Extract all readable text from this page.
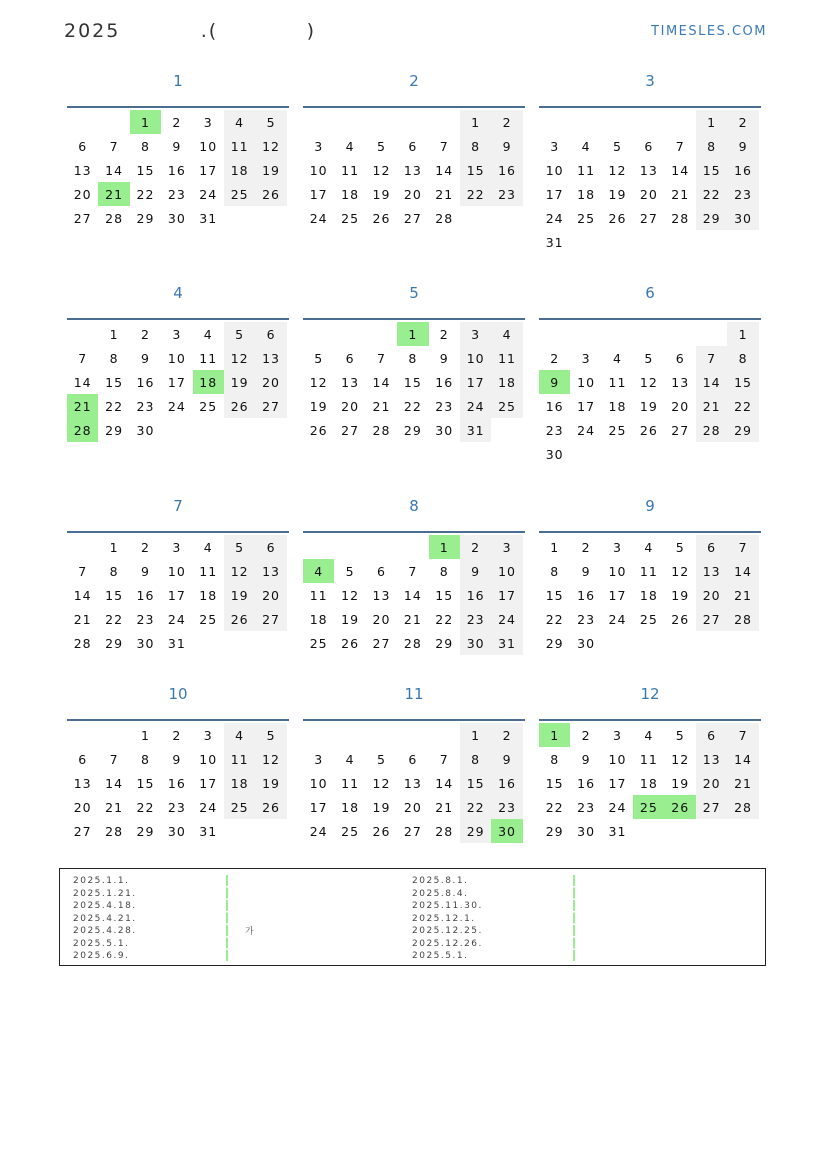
2025          .(           )	TIMESLES.COM
1
		1	2	3	4	5
6	7	8	9	10	11	12
13	14	15	16	17	18	19
20	21	22	23	24	25	26
27	28	29	30	31		
2
					1	2
3	4	5	6	7	8	9
10	11	12	13	14	15	16
17	18	19	20	21	22	23
24	25	26	27	28		
3
					1	2
3	4	5	6	7	8	9
10	11	12	13	14	15	16
17	18	19	20	21	22	23
24	25	26	27	28	29	30
31						
4
	1	2	3	4	5	6
7	8	9	10	11	12	13
14	15	16	17	18	19	20
21	22	23	24	25	26	27
28	29	30				
5
			1	2	3	4
5	6	7	8	9	10	11
12	13	14	15	16	17	18
19	20	21	22	23	24	25
26	27	28	29	30	31	
6
						1
2	3	4	5	6	7	8
9	10	11	12	13	14	15
16	17	18	19	20	21	22
23	24	25	26	27	28	29
30						
7
	1	2	3	4	5	6
7	8	9	10	11	12	13
14	15	16	17	18	19	20
21	22	23	24	25	26	27
28	29	30	31			
8
				1	2	3
4	5	6	7	8	9	10
11	12	13	14	15	16	17
18	19	20	21	22	23	24
25	26	27	28	29	30	31
9
1	2	3	4	5	6	7
8	9	10	11	12	13	14
15	16	17	18	19	20	21
22	23	24	25	26	27	28
29	30					
10
		1	2	3	4	5
6	7	8	9	10	11	12
13	14	15	16	17	18	19
20	21	22	23	24	25	26
27	28	29	30	31		
11
					1	2
3	4	5	6	7	8	9
10	11	12	13	14	15	16
17	18	19	20	21	22	23
24	25	26	27	28	29	30
12
1	2	3	4	5	6	7
8	9	10	11	12	13	14
15	16	17	18	19	20	21
22	23	24	25	26	27	28
29	30	31				
2025.1.1.
2025.1.21.
2025.4.18.
2025.4.21.
2025.4.28.
2025.5.1.
2025.6.9.
가
2025.8.1.
2025.8.4.
2025.11.30.
2025.12.1.
2025.12.25.
2025.12.26.
2025.5.1.
